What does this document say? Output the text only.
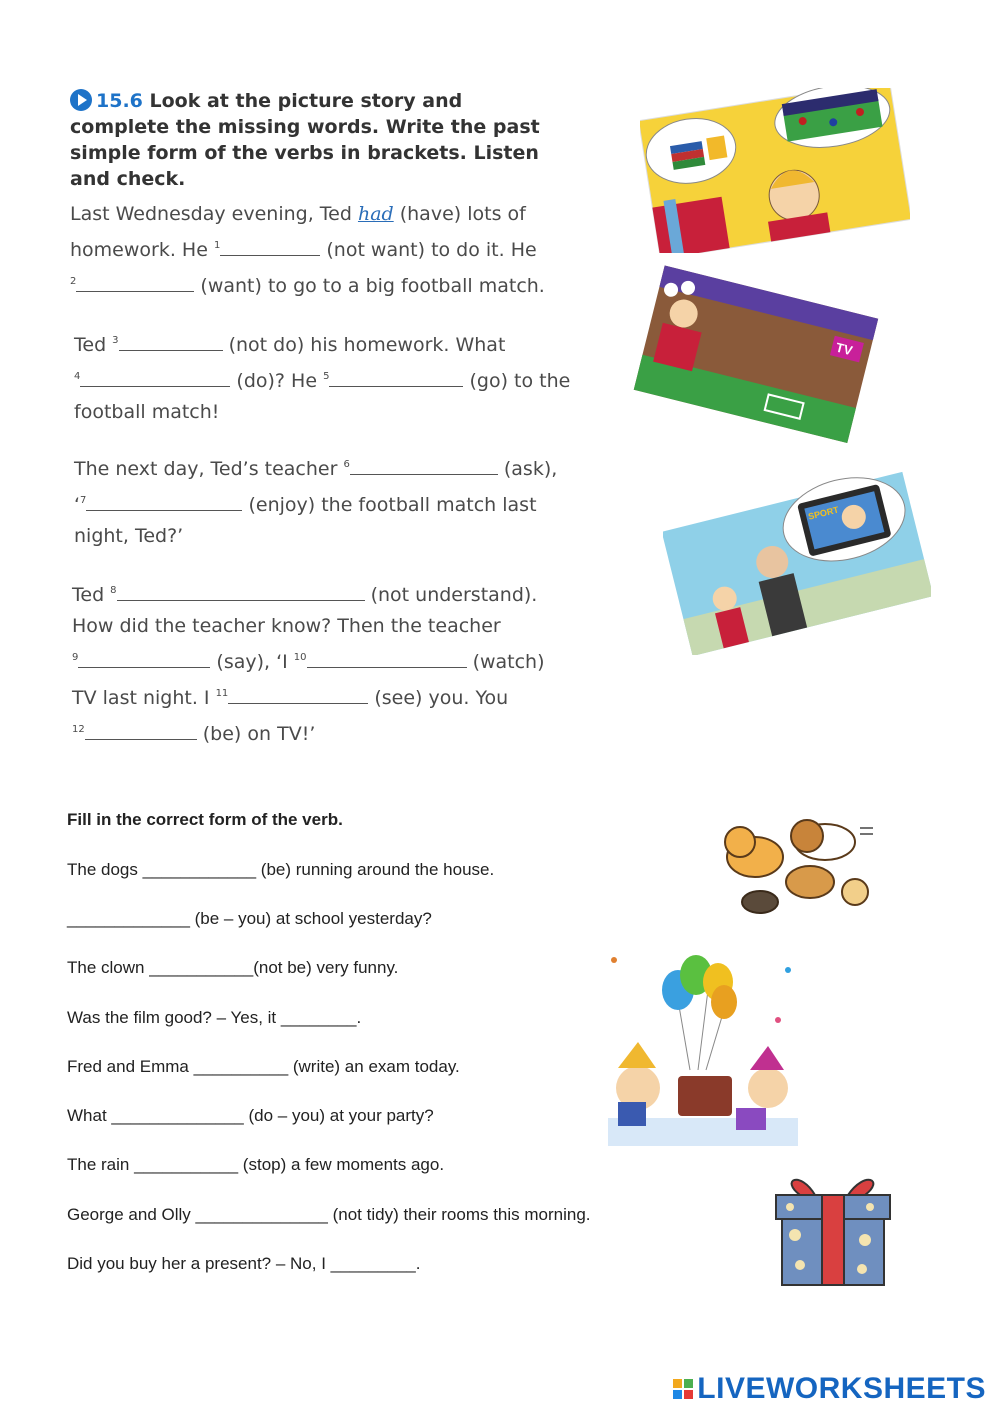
15.6 Look at the picture story and complete the missing words. Write the past simple form of the verbs in brackets. Listen and check.
Last Wednesday evening, Ted had (have) lots of
homework. He $^1$	(not want) to do it. He
$^2$	(want) to go to a big football match.
Ted $^3$	(not do) his homework. What
$^4$	(do)? He $^5$	(go) to the
football match!
The next day, Ted’s teacher $^6$	(ask),
‘$^7$	(enjoy) the football match last
night, Ted?’
Ted $^8$	(not understand).
How did the teacher know? Then the teacher
$^9$	(say), ‘I $^{10}$	(watch)
TV last night. I $^{11}$	(see) you. You
$^{12}$	(be) on TV!’
TV
SPORT
Fill in the correct form of the verb.
The dogs ____________ (be) running around the house.
_____________ (be – you) at school yesterday?
The clown ___________(not be) very funny.
Was the film good? – Yes, it ________.
Fred and Emma __________ (write) an exam today.
What ______________ (do – you) at your party?
The rain ___________ (stop) a few moments ago.
George and Olly ______________ (not tidy) their rooms this morning.
Did you buy her a present? – No, I _________.
LIVEWORKSHEETS
